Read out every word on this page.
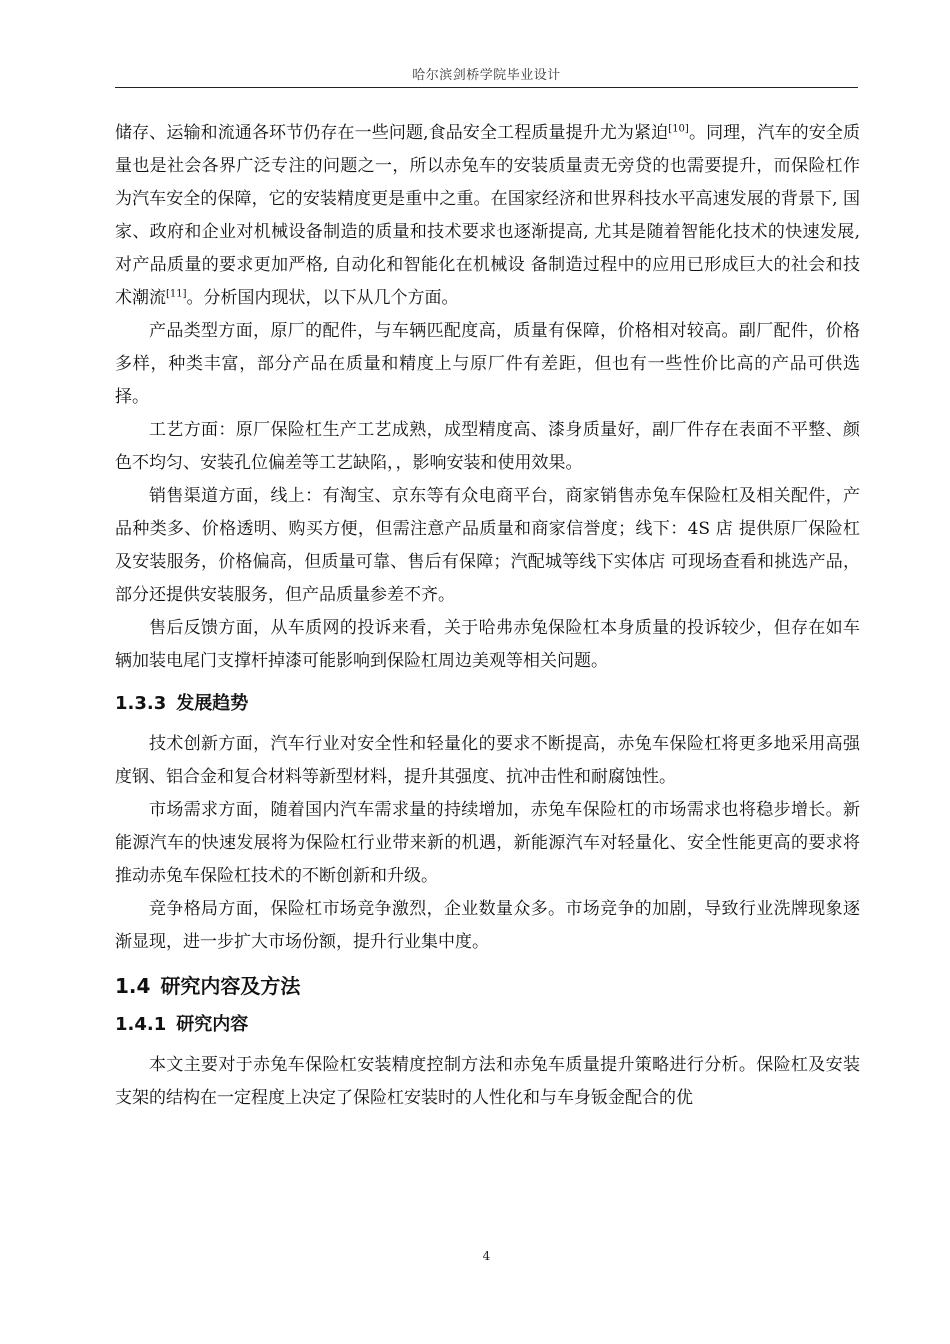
哈尔滨剑桥学院毕业设计

储存、运输和流通各环节仍存在一些问题,食品安全工程质量提升尤为紧迫[10]。同理，汽车的安全质量也是社会各界广泛专注的问题之一，所以赤兔车的安装质量责无旁贷的也需要提升，而保险杠作为汽车安全的保障，它的安装精度更是重中之重。在国家经济和世界科技水平高速发展的背景下, 国家、政府和企业对机械设备制造的质量和技术要求也逐渐提高, 尤其是随着智能化技术的快速发展,对产品质量的要求更加严格, 自动化和智能化在机械设 备制造过程中的应用已形成巨大的社会和技术潮流[11]。分析国内现状，以下从几个方面。

产品类型方面，原厂的配件，与车辆匹配度高，质量有保障，价格相对较高。副厂配件，价格多样，种类丰富，部分产品在质量和精度上与原厂件有差距，但也有一些性价比高的产品可供选择。

工艺方面：原厂保险杠生产工艺成熟，成型精度高、漆身质量好，副厂件存在表面不平整、颜色不均匀、安装孔位偏差等工艺缺陷，，影响安装和使用效果。

销售渠道方面，线上：有淘宝、京东等有众电商平台，商家销售赤兔车保险杠及相关配件，产品种类多、价格透明、购买方便，但需注意产品质量和商家信誉度；线下：4S 店 提供原厂保险杠及安装服务，价格偏高，但质量可靠、售后有保障；汽配城等线下实体店 可现场查看和挑选产品，部分还提供安装服务，但产品质量参差不齐。

售后反馈方面，从车质网的投诉来看，关于哈弗赤兔保险杠本身质量的投诉较少，但存在如车辆加装电尾门支撑杆掉漆可能影响到保险杠周边美观等相关问题。

1.3.3 发展趋势

技术创新方面，汽车行业对安全性和轻量化的要求不断提高，赤兔车保险杠将更多地采用高强度钢、铝合金和复合材料等新型材料，提升其强度、抗冲击性和耐腐蚀性。

市场需求方面，随着国内汽车需求量的持续增加，赤兔车保险杠的市场需求也将稳步增长。新能源汽车的快速发展将为保险杠行业带来新的机遇，新能源汽车对轻量化、安全性能更高的要求将推动赤兔车保险杠技术的不断创新和升级。

竞争格局方面，保险杠市场竞争激烈，企业数量众多。市场竞争的加剧，导致行业洗牌现象逐渐显现，进一步扩大市场份额，提升行业集中度。

1.4 研究内容及方法
1.4.1 研究内容

本文主要对于赤兔车保险杠安装精度控制方法和赤兔车质量提升策略进行分析。保险杠及安装支架的结构在一定程度上决定了保险杠安装时的人性化和与车身钣金配合的优

4
